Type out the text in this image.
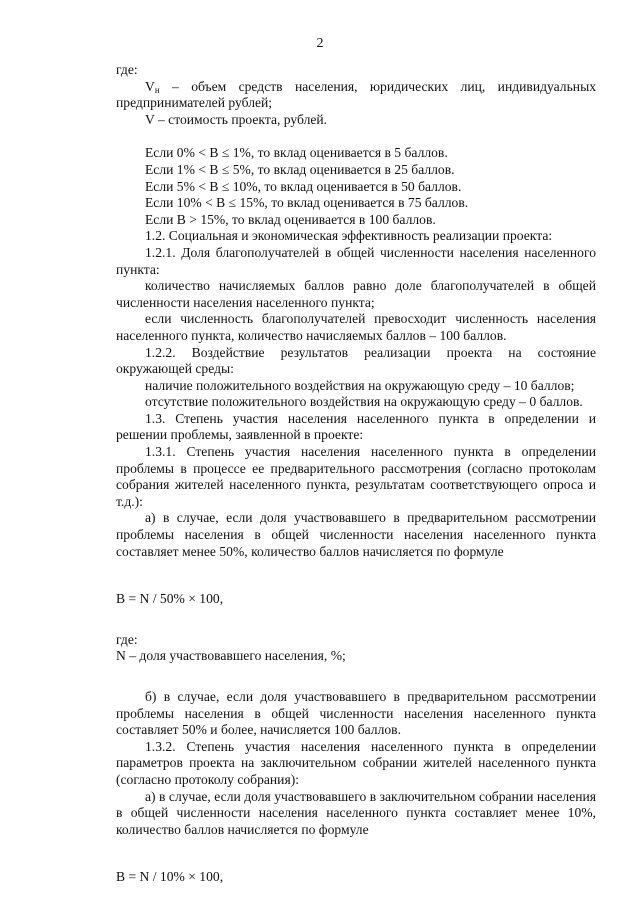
2

где:

$V_н$ – объем средств населения, юридических лиц, индивидуальных предпринимателей рублей;

V – стоимость проекта, рублей.

Если 0% < B ≤ 1%, то вклад оценивается в 5 баллов.

Если 1% < B ≤ 5%, то вклад оценивается в 25 баллов.

Если 5% < B ≤ 10%, то вклад оценивается в 50 баллов.

Если 10% < B ≤ 15%, то вклад оценивается в 75 баллов.

Если B > 15%, то вклад оценивается в 100 баллов.

1.2. Социальная и экономическая эффективность реализации проекта:

1.2.1. Доля благополучателей в общей численности населения населенного пункта:

количество начисляемых баллов равно доле благополучателей в общей численности населения населенного пункта;

если численность благополучателей превосходит численность населения населенного пункта, количество начисляемых баллов – 100 баллов.

1.2.2. Воздействие результатов реализации проекта на состояние окружающей среды:

наличие положительного воздействия на окружающую среду – 10 баллов;

отсутствие положительного воздействия на окружающую среду – 0 баллов.

1.3. Степень участия населения населенного пункта в определении и решении проблемы, заявленной в проекте:

1.3.1. Степень участия населения населенного пункта в определении проблемы в процессе ее предварительного рассмотрения (согласно протоколам собрания жителей населенного пункта, результатам соответствующего опроса и т.д.):

а) в случае, если доля участвовавшего в предварительном рассмотрении проблемы населения в общей численности населения населенного пункта составляет менее 50%, количество баллов начисляется по формуле

B = N / 50% × 100,

где:

N – доля участвовавшего населения, %;

б) в случае, если доля участвовавшего в предварительном рассмотрении проблемы населения в общей численности населения населенного пункта составляет 50% и более, начисляется 100 баллов.

1.3.2. Степень участия населения населенного пункта в определении параметров проекта на заключительном собрании жителей населенного пункта (согласно протоколу собрания):

а) в случае, если доля участвовавшего в заключительном собрании населения в общей численности населения населенного пункта составляет менее 10%, количество баллов начисляется по формуле

B = N / 10% × 100,
